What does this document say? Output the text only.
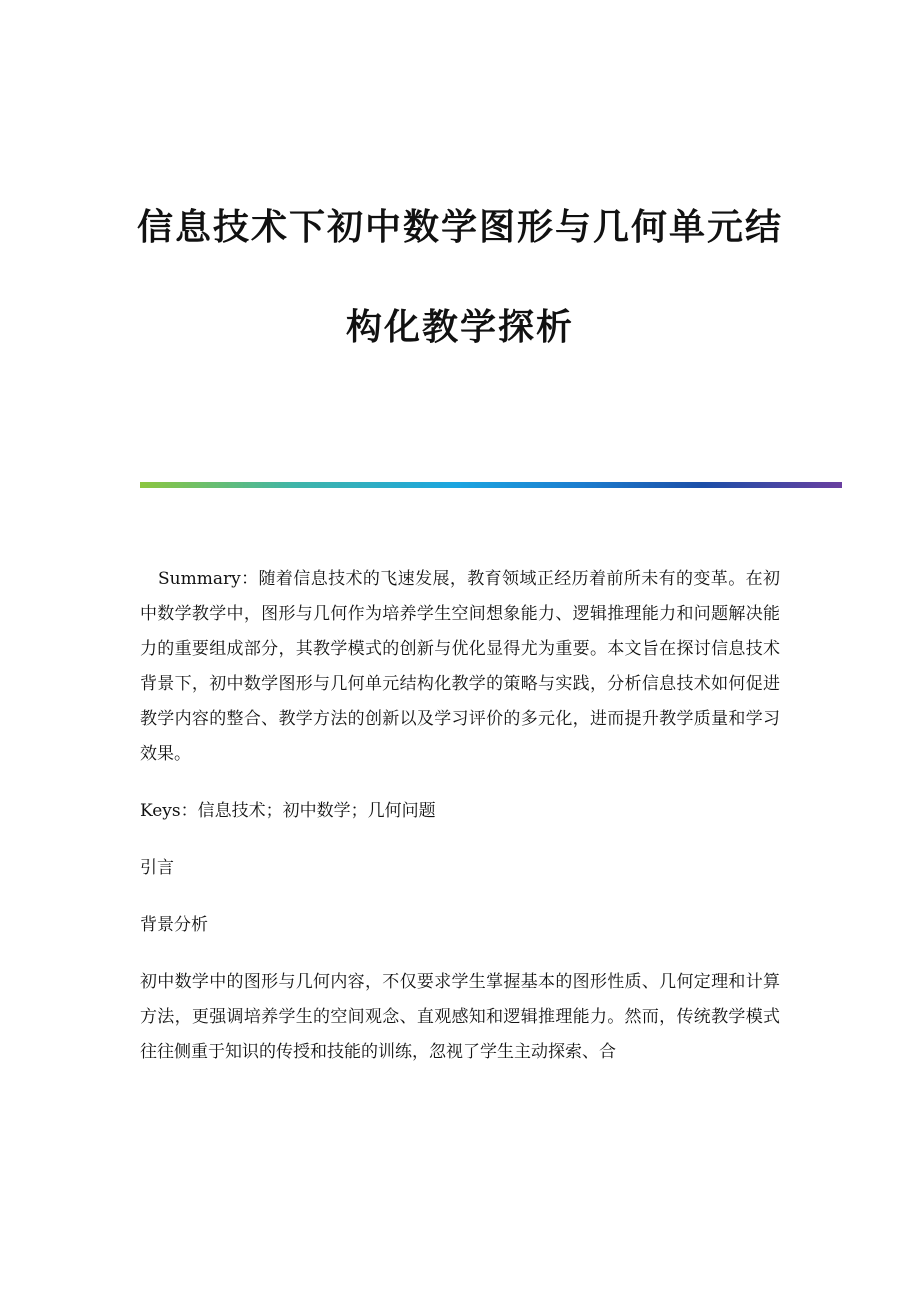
信息技术下初中数学图形与几何单元结
构化教学探析

Summary：随着信息技术的飞速发展，教育领域正经历着前所未有的变革。在初中数学教学中，图形与几何作为培养学生空间想象能力、逻辑推理能力和问题解决能力的重要组成部分，其教学模式的创新与优化显得尤为重要。本文旨在探讨信息技术背景下，初中数学图形与几何单元结构化教学的策略与实践，分析信息技术如何促进教学内容的整合、教学方法的创新以及学习评价的多元化，进而提升教学质量和学习效果。

Keys：信息技术；初中数学；几何问题

引言

背景分析

初中数学中的图形与几何内容，不仅要求学生掌握基本的图形性质、几何定理和计算方法，更强调培养学生的空间观念、直观感知和逻辑推理能力。然而，传统教学模式往往侧重于知识的传授和技能的训练，忽视了学生主动探索、合
